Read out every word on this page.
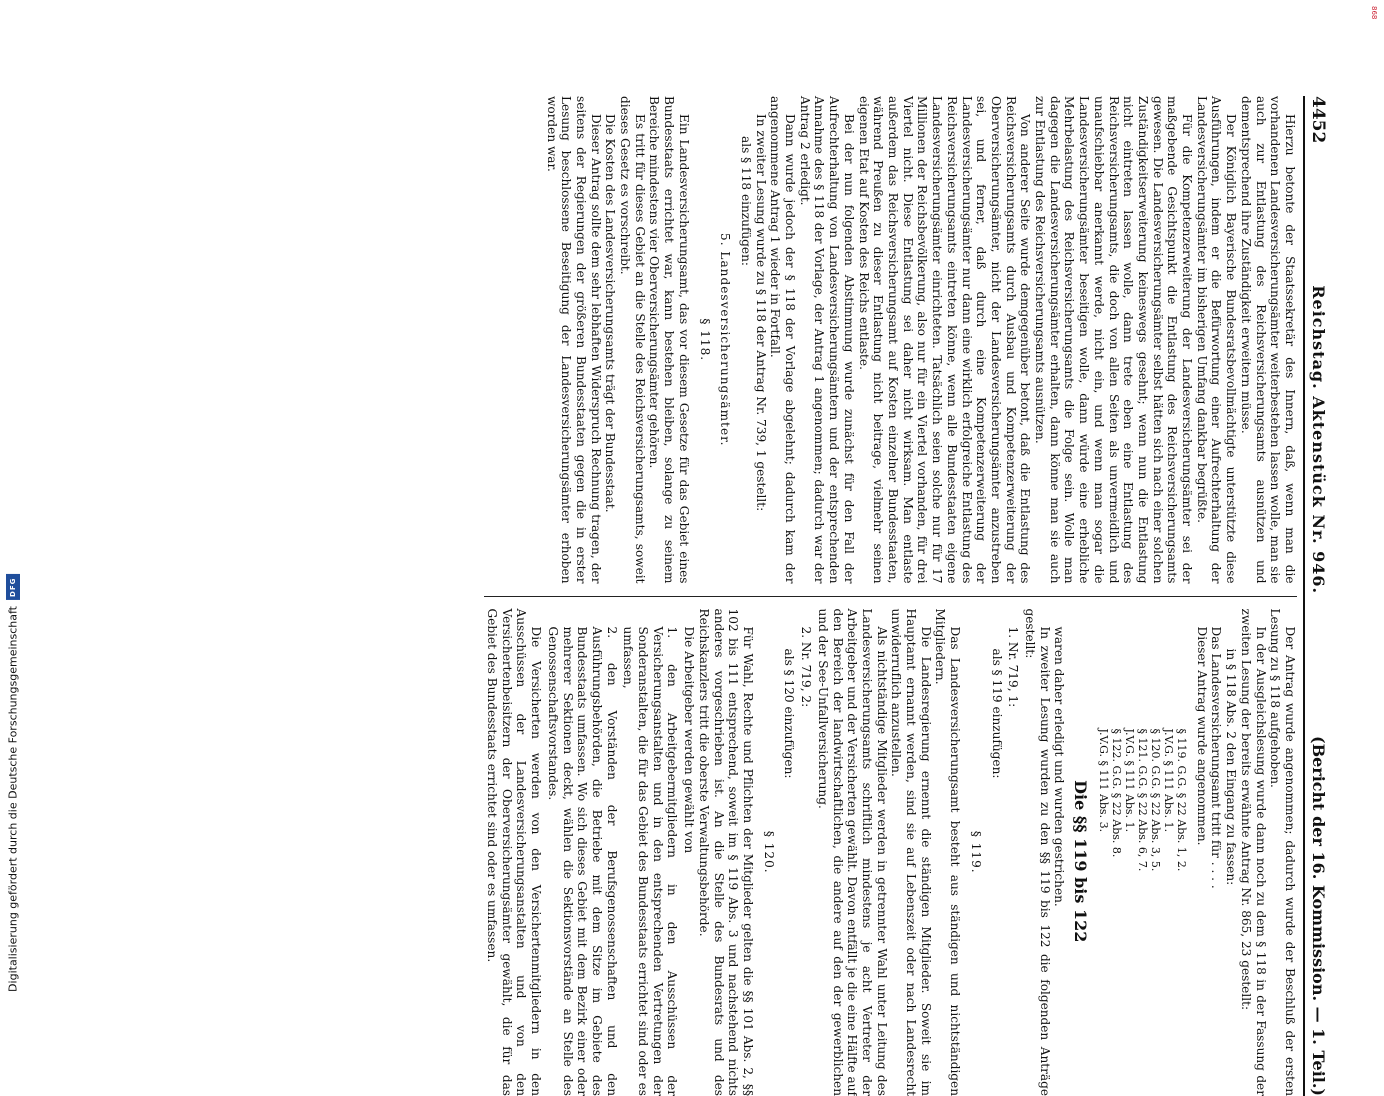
868
Digitalisierung gefördert durch die Deutsche Forschungsgemeinschaft
DFG
4452
Reichstag. Aktenstück Nr. 946.
(Bericht der 16. Kommission. — 1. Teil.)

Hierzu betonte der Staatssekretär des Innern, daß, wenn man die vorhandenen Landesversicherungsämter weiterbestehen lassen wolle, man sie auch zur Entlastung des Reichsversicherungsamts ausnützen und dementsprechend ihre Zuständigkeit erweitern müsse.

Der Königlich Bayerische Bundesratsbevollmächtigte unterstützte diese Ausführungen, indem er die Befürwortung einer Aufrechterhaltung der Landesversicherungsämter im bisherigen Umfang dankbar begrüßte.

Für die Kompetenzerweiterung der Landesversicherungsämter sei der maßgebende Gesichtspunkt die Entlastung des Reichsversicherungsamts gewesen. Die Landesversicherungsämter selbst hätten sich nach einer solchen Zuständigkeitserweiterung keineswegs gesehnt; wenn nun die Entlastung nicht eintreten lassen wolle, dann trete eben eine Entlastung des Reichsversicherungsamts, die doch von allen Seiten als unvermeidlich und unaufschiebbar anerkannt werde, nicht ein, und wenn man sogar die Landesversicherungsämter beseitigen wolle, dann würde eine erhebliche Mehrbelastung des Reichsversicherungsamts die Folge sein. Wolle man dagegen die Landesversicherungsämter erhalten, dann könne man sie auch zur Entlastung des Reichsversicherungsamts ausnützen.

Von anderer Seite wurde demgegenüber betont, daß die Entlastung des Reichsversicherungsamts durch Ausbau und Kompetenzerweiterung der Oberversicherungsämter, nicht der Landesversicherungsämter anzustreben sei, und ferner, daß durch eine Kompetenzerweiterung der Landesversicherungsämter nur dann eine wirklich erfolgreiche Entlastung des Reichsversicherungsamts eintreten könne, wenn alle Bundesstaaten eigene Landesversicherungsämter einrichteten. Tatsächlich seien solche nur für 17 Millionen der Reichsbevölkerung, also nur für ein Viertel vorhanden, für drei Viertel nicht. Diese Entlastung sei daher nicht wirksam. Man entlaste außerdem das Reichsversicherungsamt auf Kosten einzelner Bundesstaaten, während Preußen zu dieser Entlastung nicht beitrage, vielmehr seinen eigenen Etat auf Kosten des Reichs entlaste.

Bei der nun folgenden Abstimmung wurde zunächst für den Fall der Aufrechterhaltung von Landesversicherungsämtern und der entsprechenden Annahme des § 118 der Vorlage, der Antrag 1 angenommen; dadurch war der Antrag 2 erledigt.

Dann wurde jedoch der § 118 der Vorlage abgelehnt; dadurch kam der angenommene Antrag 1 wieder in Fortfall.

In zweiter Lesung wurde zu § 118 der Antrag Nr. 739, 1 gestellt:

als § 118 einzufügen:

5. Landesversicherungsämter.

§ 118.

Ein Landesversicherungsamt, das vor diesem Gesetze für das Gebiet eines Bundesstaats errichtet war, kann bestehen bleiben, solange zu seinem Bereiche mindestens vier Oberversicherungsämter gehören.

Es tritt für dieses Gebiet an die Stelle des Reichsversicherungsamts, soweit dieses Gesetz es vorschreibt.

Die Kosten des Landesversicherungsamts trägt der Bundesstaat.

Dieser Antrag sollte dem sehr lebhaften Widerspruch Rechnung tragen, der seitens der Regierungen der größeren Bundesstaaten gegen die in erster Lesung beschlossene Beseitigung der Landesversicherungsämter erhoben worden war.

Der Antrag wurde angenommen; dadurch wurde der Beschluß der ersten Lesung zu § 118 aufgehoben.

In der Ausgleichslesung wurde dann noch zu dem § 118 in der Fassung der zweiten Lesung der bereits erwähnte Antrag Nr. 865, 23 gestellt:

in § 118 Abs. 2 den Eingang zu fassen:

Das Landesversicherungsamt tritt für . . . .

Dieser Antrag wurde angenommen.

§ 119. G.G. § 22 Abs. 1, 2.
J.V.G. § 111 Abs. 1.
§ 120. G.G. § 22 Abs. 3, 5.
§ 121. G.G. § 22 Abs. 6, 7.
J.V.G. § 111 Abs. 1.
§ 122. G.G. § 22 Abs. 8.
J.V.G. § 111 Abs. 3.

Die §§ 119 bis 122

waren daher erledigt und wurden gestrichen.

In zweiter Lesung wurden zu den §§ 119 bis 122 die folgenden Anträge gestellt:

1. Nr. 719, 1:

als § 119 einzufügen:

§ 119.

Das Landesversicherungsamt besteht aus ständigen und nichtständigen Mitgliedern.

Die Landesregierung ernennt die ständigen Mitglieder. Soweit sie im Hauptamt ernannt werden, sind sie auf Lebenszeit oder nach Landesrecht unwiderruflich anzustellen.

Als nichtständige Mitglieder werden in getrennter Wahl unter Leitung des Landesversicherungsamts schriftlich mindestens je acht Vertreter der Arbeitgeber und der Versicherten gewählt. Davon entfällt je die eine Hälfte auf den Bereich der landwirtschaftlichen, die andere auf den der gewerblichen und der See-Unfallversicherung.

2. Nr. 719, 2:

als § 120 einzufügen:

§ 120.

Für Wahl, Rechte und Pflichten der Mitglieder gelten die §§ 101 Abs. 2, §§ 102 bis 111 entsprechend, soweit im § 119 Abs. 3 und nachstehend nichts anderes vorgeschrieben ist. An die Stelle des Bundesrats und des Reichskanzlers tritt die oberste Verwaltungsbehörde.

Die Arbeitgeber werden gewählt von

1. den Arbeitgebermitgliedern in den Ausschüssen der Versicherungsanstalten und in den entsprechenden Vertretungen der Sonderanstalten, die für das Gebiet des Bundesstaats errichtet sind oder es umfassen,

2. den Vorständen der Berufsgenossenschaften und den Ausführungsbehörden, die Betriebe mit dem Sitze im Gebiete des Bundesstaats umfassen. Wo sich dieses Gebiet mit dem Bezirk einer oder mehrerer Sektionen deckt, wählen die Sektionsvorstände an Stelle des Genossenschaftsvorstandes.

Die Versicherten werden von den Versichertenmitgliedern in den Ausschüssen der Landesversicherungsanstalten und von den Versichertenbeisitzern der Oberversicherungsämter gewählt, die für das Gebiet des Bundesstaats errichtet sind oder es umfassen.
